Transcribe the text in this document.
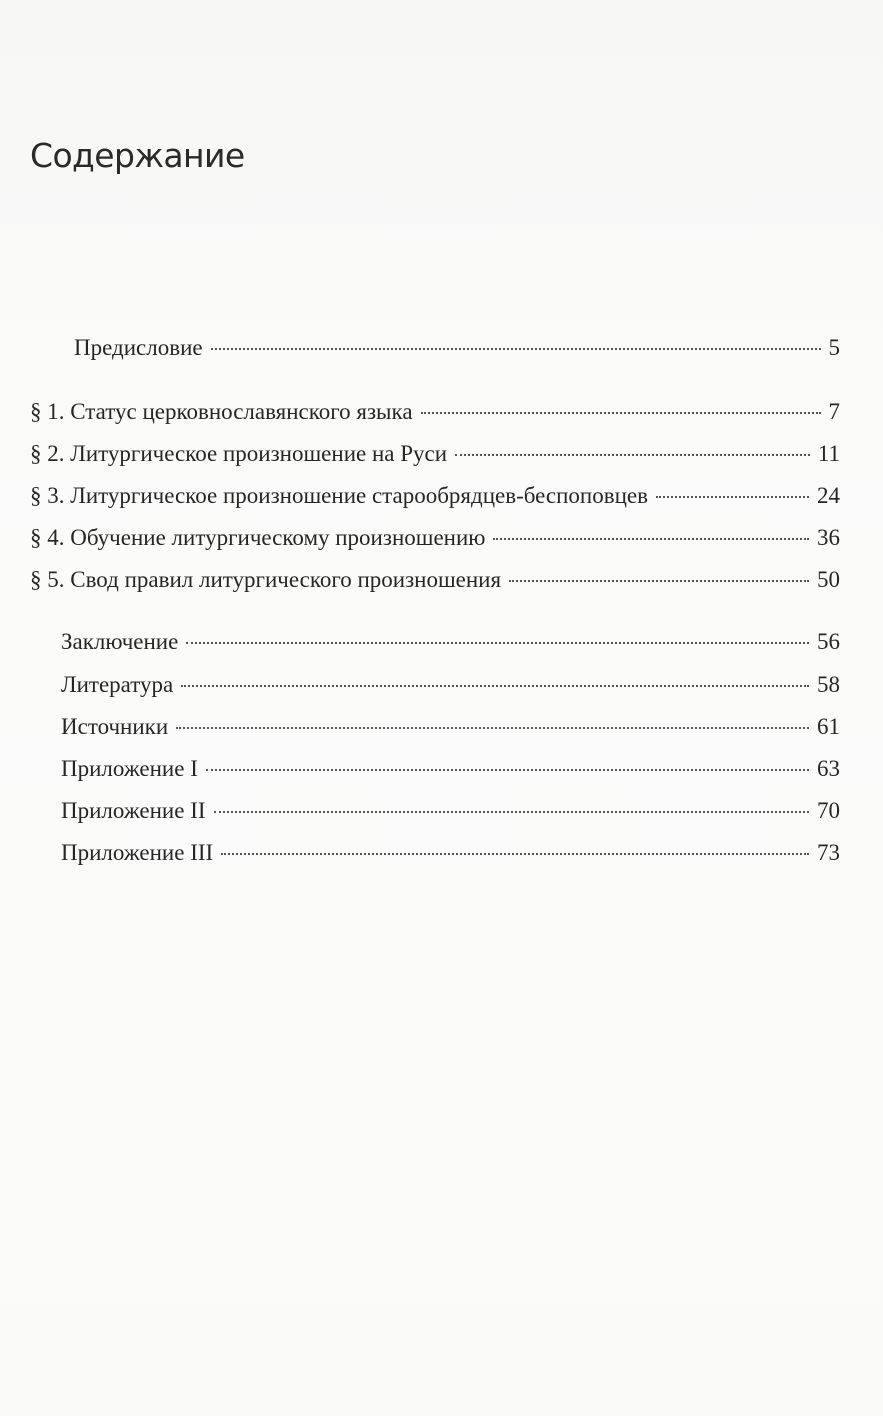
Содержание
Предисловие	5
§ 1. Статус церковнославянского языка	7
§ 2. Литургическое произношение на Руси	11
§ 3. Литургическое произношение старообрядцев-беспоповцев	24
§ 4. Обучение литургическому произношению	36
§ 5. Свод правил литургического произношения	50
Заключение	56
Литература	58
Источники	61
Приложение I	63
Приложение II	70
Приложение III	73
